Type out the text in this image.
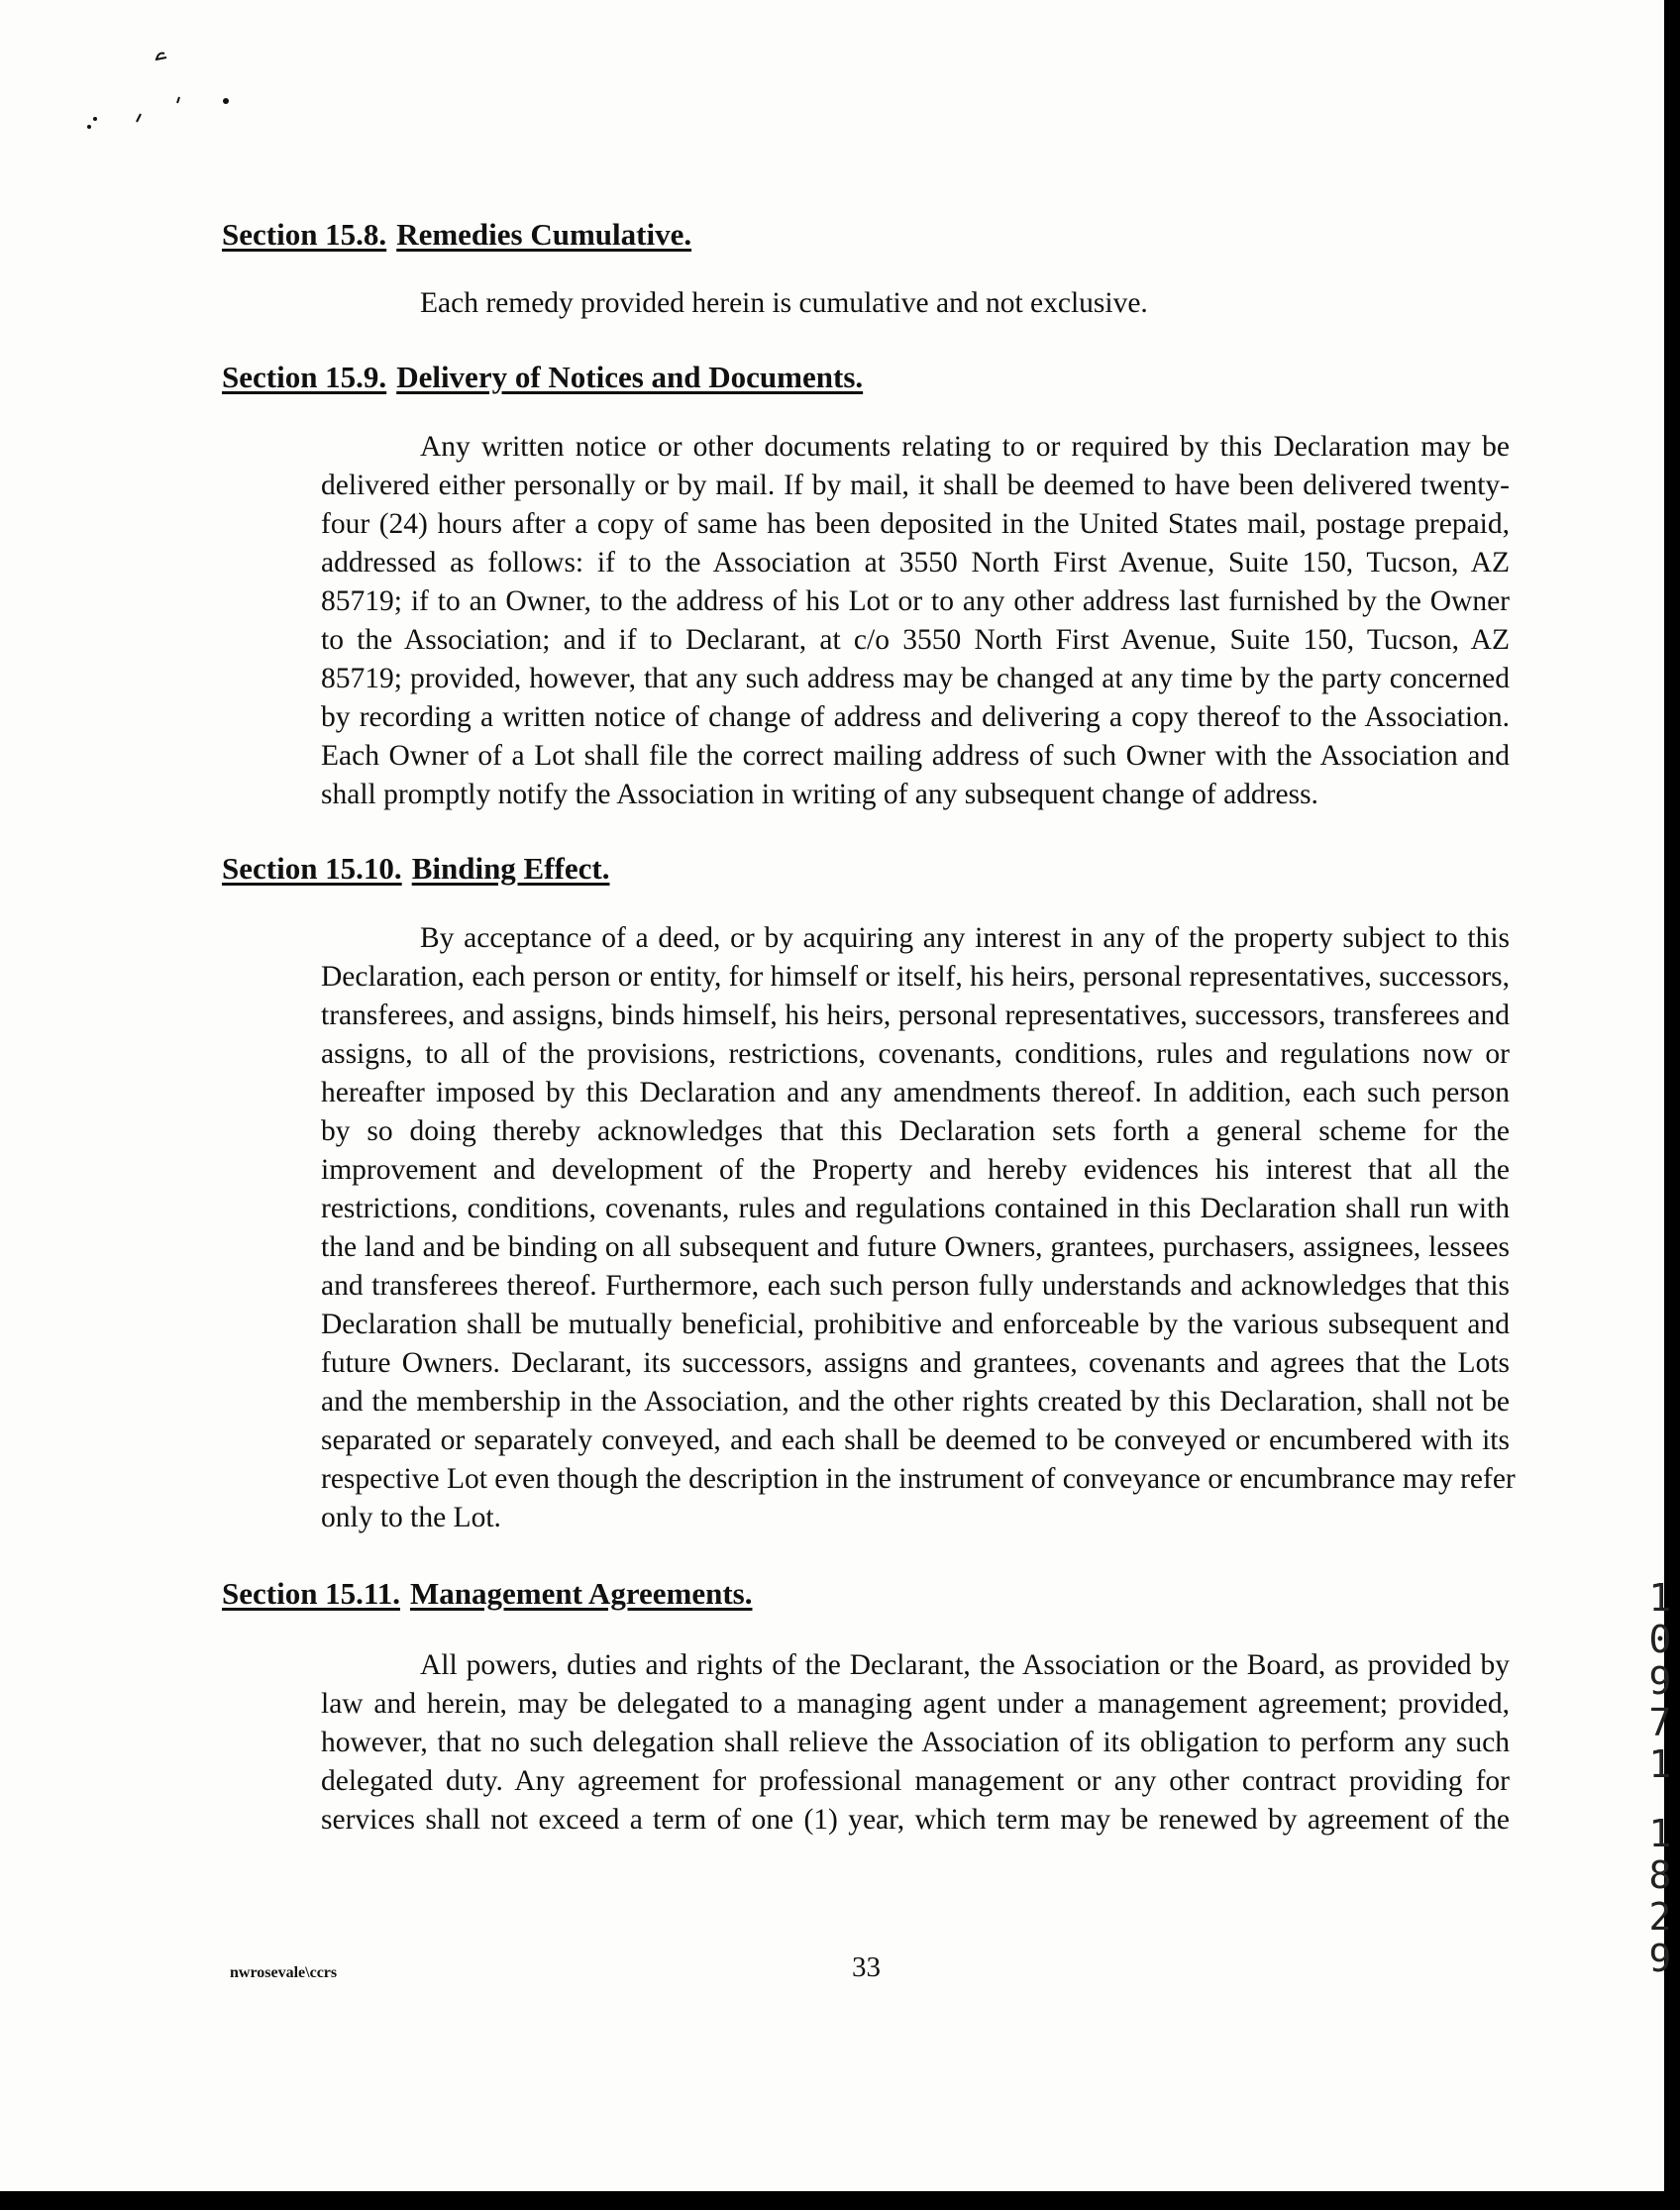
Section 15.8. Remedies Cumulative.
Each remedy provided herein is cumulative and not exclusive.
Section 15.9. Delivery of Notices and Documents.
Any written notice or other documents relating to or required by this Declaration may be
delivered either personally or by mail. If by mail, it shall be deemed to have been delivered twenty-
four (24) hours after a copy of same has been deposited in the United States mail, postage prepaid,
addressed as follows: if to the Association at 3550 North First Avenue, Suite 150, Tucson, AZ
85719; if to an Owner, to the address of his Lot or to any other address last furnished by the Owner
to the Association; and if to Declarant, at c/o 3550 North First Avenue, Suite 150, Tucson, AZ
85719; provided, however, that any such address may be changed at any time by the party concerned
by recording a written notice of change of address and delivering a copy thereof to the Association.
Each Owner of a Lot shall file the correct mailing address of such Owner with the Association and
shall promptly notify the Association in writing of any subsequent change of address.
Section 15.10. Binding Effect.
By acceptance of a deed, or by acquiring any interest in any of the property subject to this
Declaration, each person or entity, for himself or itself, his heirs, personal representatives, successors,
transferees, and assigns, binds himself, his heirs, personal representatives, successors, transferees and
assigns, to all of the provisions, restrictions, covenants, conditions, rules and regulations now or
hereafter imposed by this Declaration and any amendments thereof. In addition, each such person
by so doing thereby acknowledges that this Declaration sets forth a general scheme for the
improvement and development of the Property and hereby evidences his interest that all the
restrictions, conditions, covenants, rules and regulations contained in this Declaration shall run with
the land and be binding on all subsequent and future Owners, grantees, purchasers, assignees, lessees
and transferees thereof. Furthermore, each such person fully understands and acknowledges that this
Declaration shall be mutually beneficial, prohibitive and enforceable by the various subsequent and
future Owners. Declarant, its successors, assigns and grantees, covenants and agrees that the Lots
and the membership in the Association, and the other rights created by this Declaration, shall not be
separated or separately conveyed, and each shall be deemed to be conveyed or encumbered with its
respective Lot even though the description in the instrument of conveyance or encumbrance may refer
only to the Lot.
Section 15.11. Management Agreements.
All powers, duties and rights of the Declarant, the Association or the Board, as provided by
law and herein, may be delegated to a managing agent under a management agreement; provided,
however, that no such delegation shall relieve the Association of its obligation to perform any such
delegated duty. Any agreement for professional management or any other contract providing for
services shall not exceed a term of one (1) year, which term may be renewed by agreement of the
nwrosevale\ccrs	33
1
0
9
7
1
1
8
2
9
